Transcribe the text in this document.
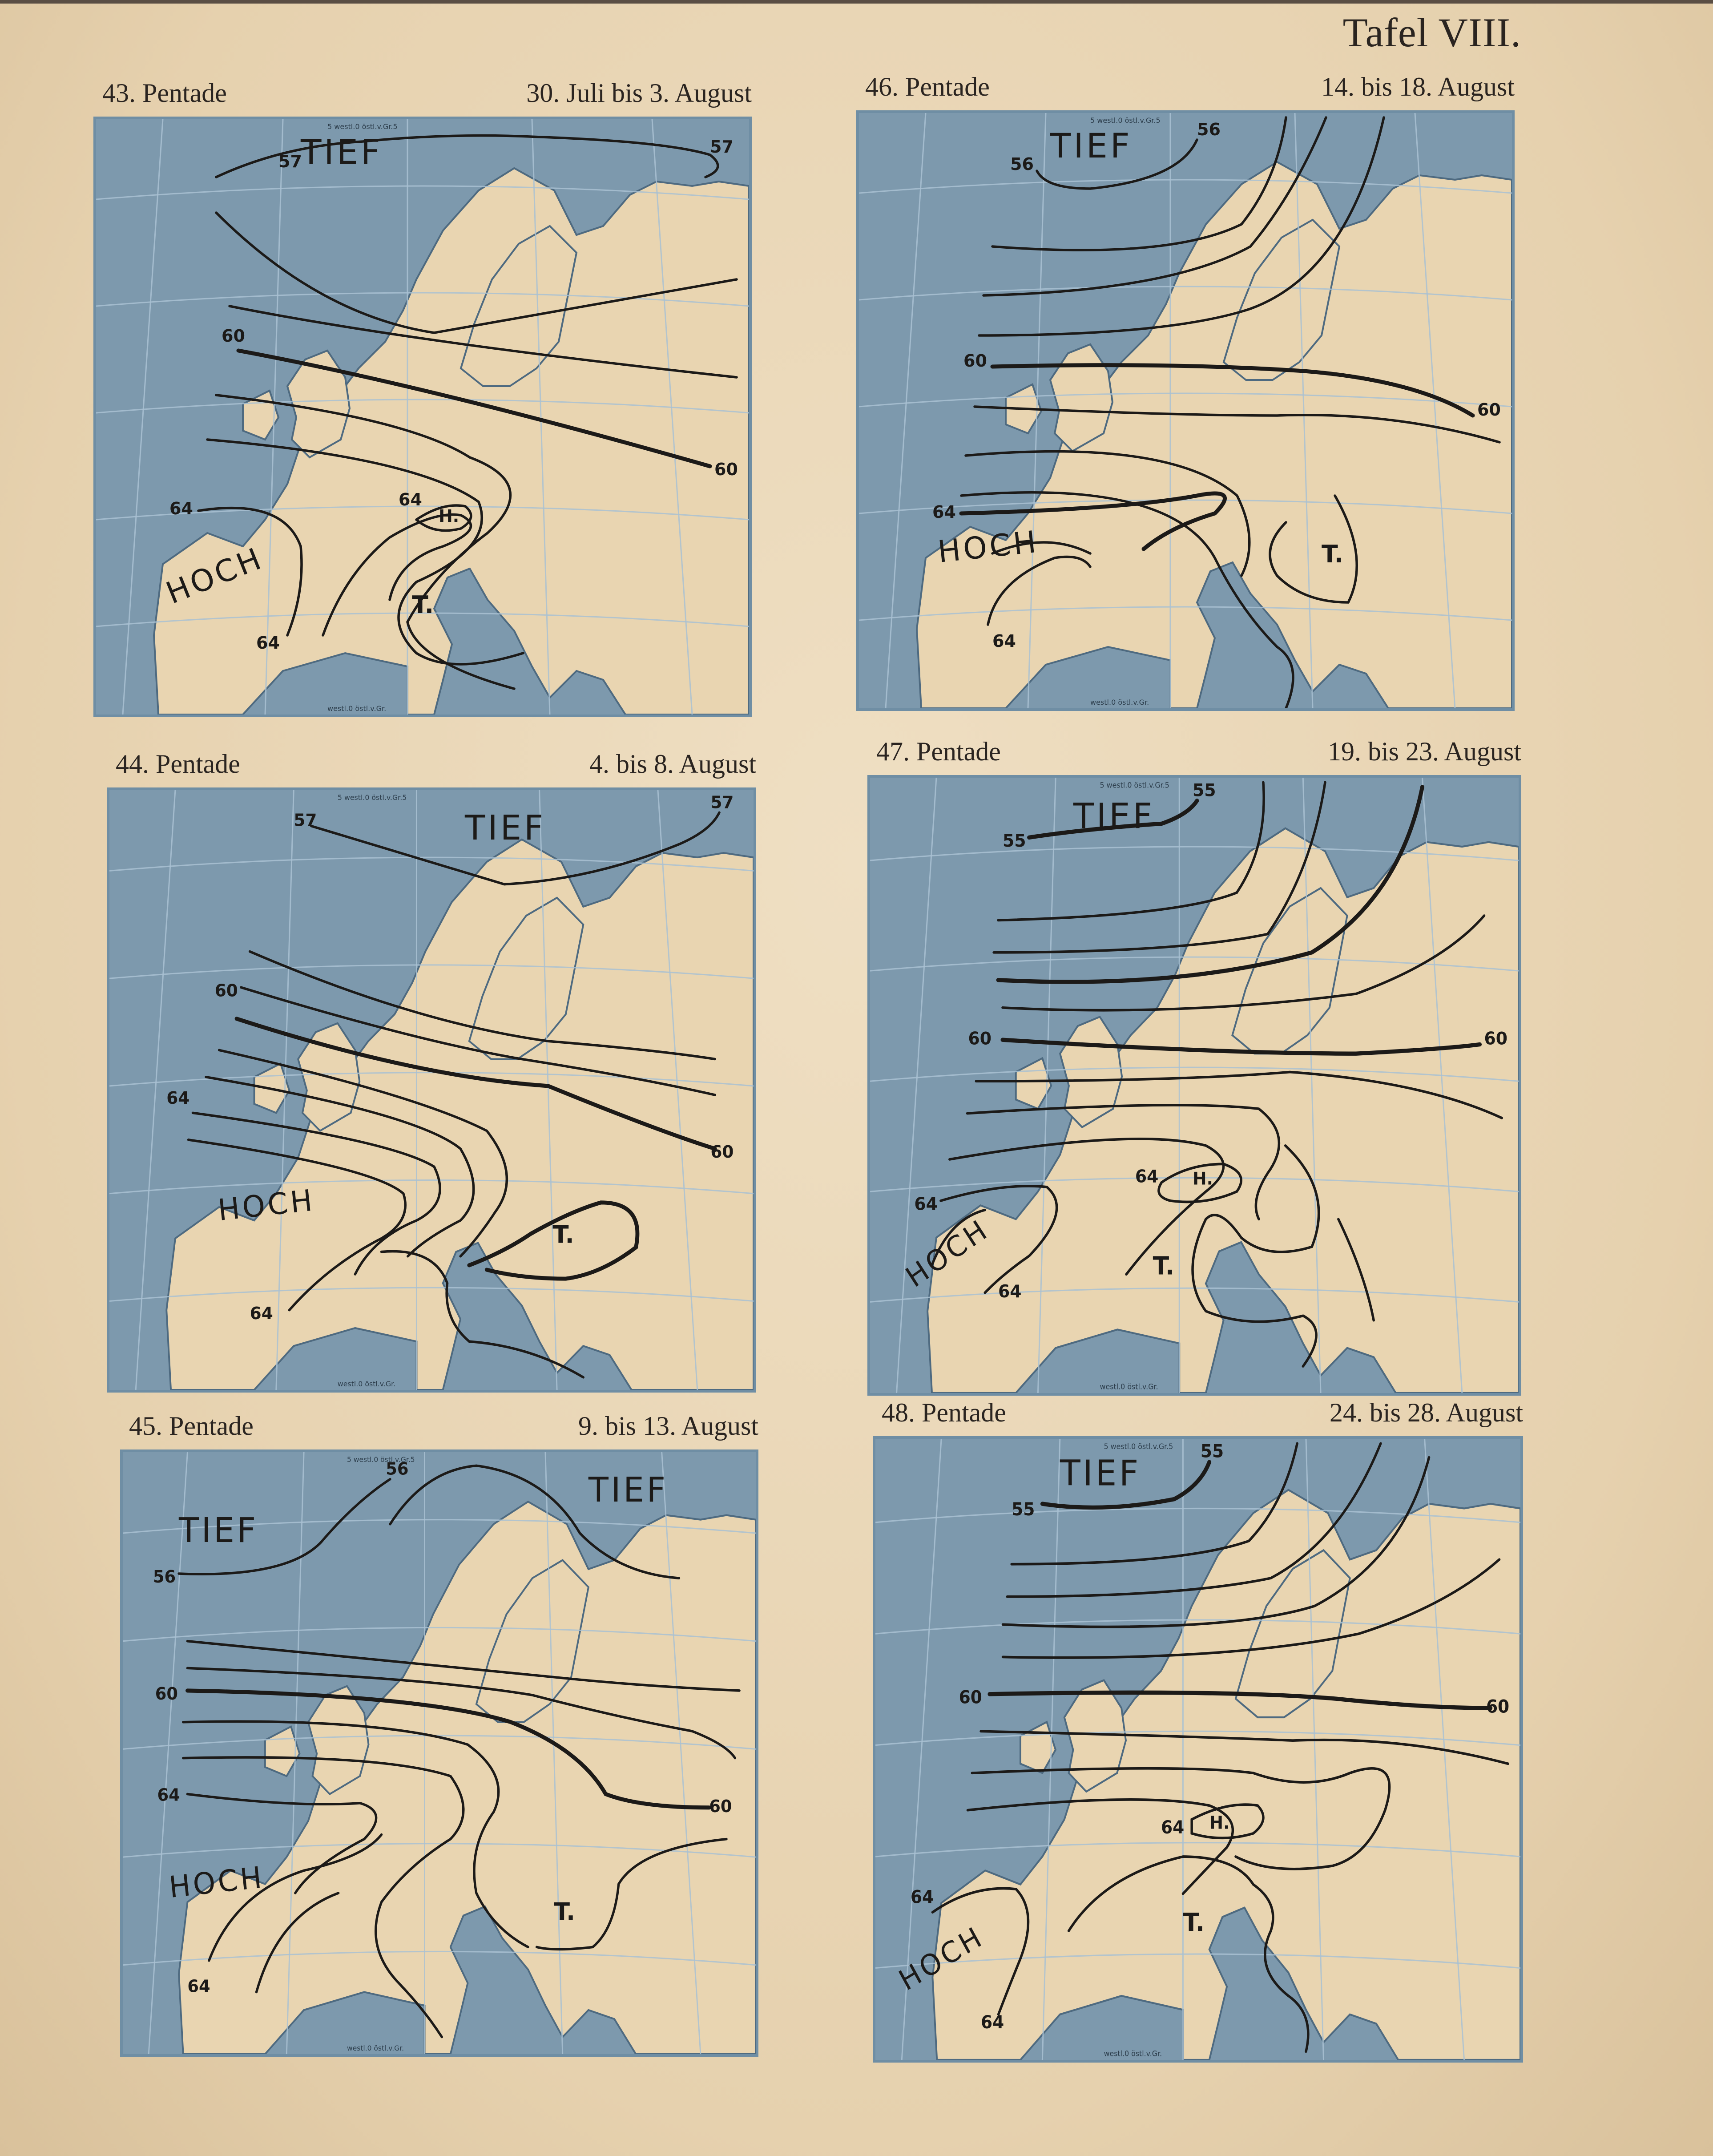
Tafel VIII.
43. Pentade	30. Juli bis 3. August
5 westl.0 östl.v.Gr.5
westl.0 östl.v.Gr.
57
57
60
60
64	64
64
TIEF
HOCH
H.
T.
46. Pentade	14. bis 18. August
5 westl.0 östl.v.Gr.5
westl.0 östl.v.Gr.
56
56
60
60
64
64
TIEF
HOCH	T.
44. Pentade	4. bis 8. August
5 westl.0 östl.v.Gr.5
westl.0 östl.v.Gr.
57
57
60
60
64
64
TIEF
HOCH
T.
47. Pentade	19. bis 23. August
5 westl.0 östl.v.Gr.5
westl.0 östl.v.Gr.
55
55
60	60
64
64
64
TIEF
HOCH
H.
T.
45. Pentade	9. bis 13. August
5 westl.0 östl.v.Gr.5
westl.0 östl.v.Gr.
56
56
60
60
64
64
TIEF
TIEF
HOCH
T.
48. Pentade	24. bis 28. August
5 westl.0 östl.v.Gr.5
westl.0 östl.v.Gr.
55
55
60	60
64
64
64
TIEF
HOCH
H.
T.
